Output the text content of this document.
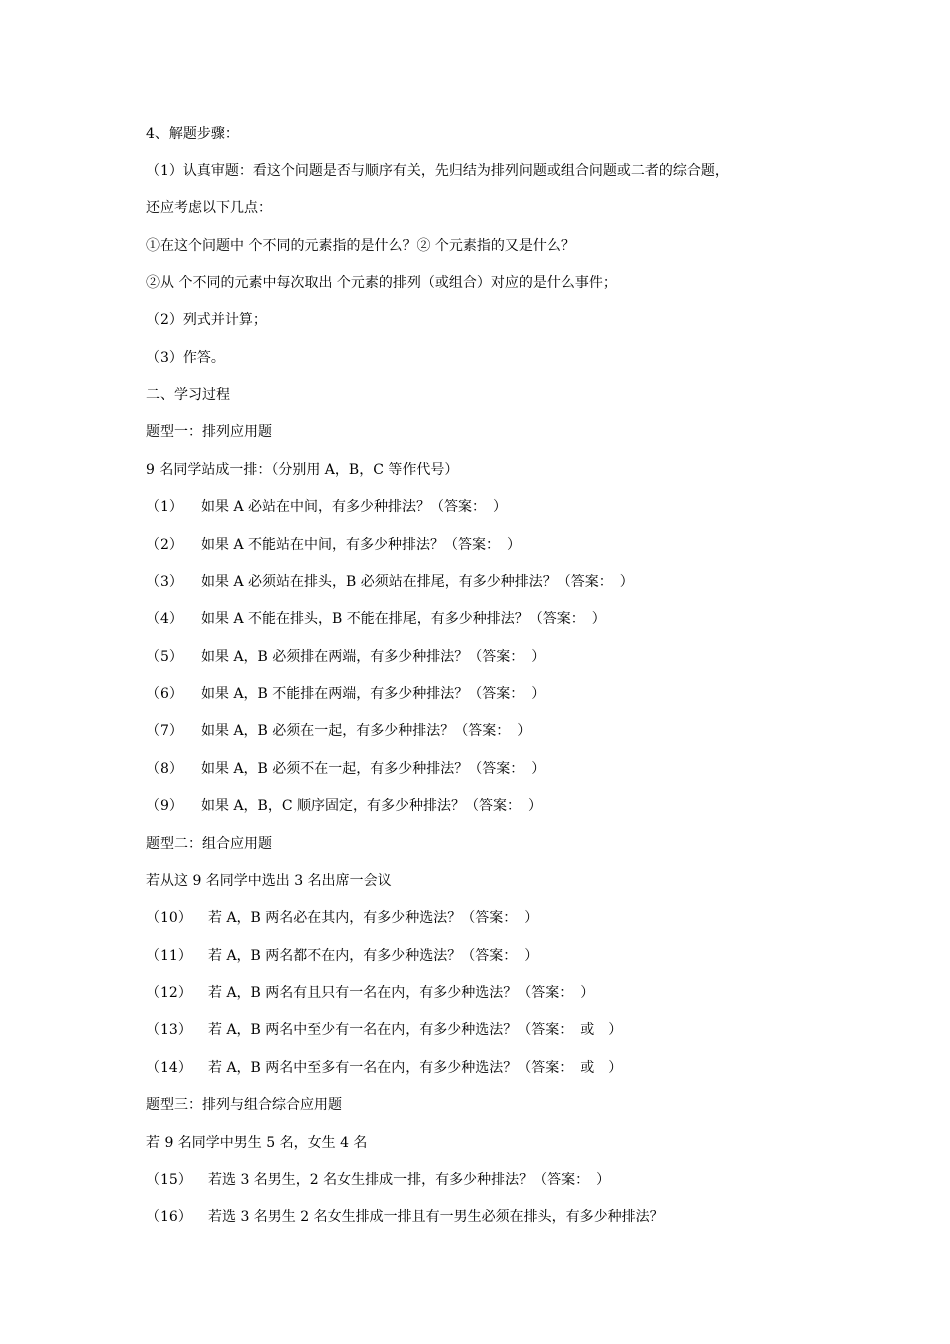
4、解题步骤：
（1）认真审题：看这个问题是否与顺序有关，先归结为排列问题或组合问题或二者的综合题，
还应考虑以下几点：
①在这个问题中 个不同的元素指的是什么？② 个元素指的又是什么？
②从 个不同的元素中每次取出 个元素的排列（或组合）对应的是什么事件；
（2）列式并计算；
（3）作答。
二、学习过程
题型一：排列应用题
9 名同学站成一排：（分别用 A，B，C 等作代号）
（1） 如果 A 必站在中间，有多少种排法？（答案：　）
（2） 如果 A 不能站在中间，有多少种排法？（答案：　）
（3） 如果 A 必须站在排头，B 必须站在排尾，有多少种排法？（答案：　）
（4） 如果 A 不能在排头，B 不能在排尾，有多少种排法？（答案：　）
（5） 如果 A，B 必须排在两端，有多少种排法？（答案：　）
（6） 如果 A，B 不能排在两端，有多少种排法？（答案：　）
（7） 如果 A，B 必须在一起，有多少种排法？（答案：　）
（8） 如果 A，B 必须不在一起，有多少种排法？（答案：　）
（9） 如果 A，B，C 顺序固定，有多少种排法？（答案：　）
题型二：组合应用题
若从这 9 名同学中选出 3 名出席一会议
（10） 若 A，B 两名必在其内，有多少种选法？（答案：　）
（11） 若 A，B 两名都不在内，有多少种选法？（答案：　）
（12） 若 A，B 两名有且只有一名在内，有多少种选法？（答案：　）
（13） 若 A，B 两名中至少有一名在内，有多少种选法？（答案：　或　）
（14） 若 A，B 两名中至多有一名在内，有多少种选法？（答案：　或　）
题型三：排列与组合综合应用题
若 9 名同学中男生 5 名，女生 4 名
（15） 若选 3 名男生，2 名女生排成一排，有多少种排法？（答案：　）
（16） 若选 3 名男生 2 名女生排成一排且有一男生必须在排头，有多少种排法？
